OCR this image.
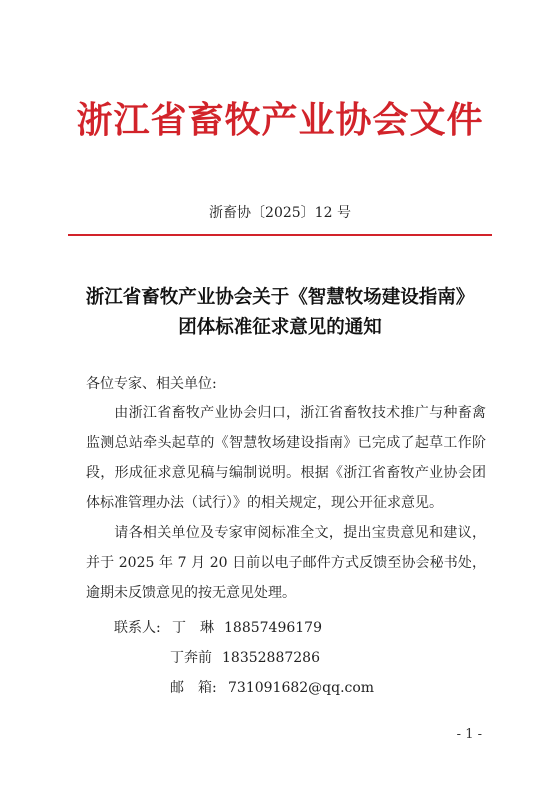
浙江省畜牧产业协会文件
浙畜协〔2025〕12 号
浙江省畜牧产业协会关于《智慧牧场建设指南》
团体标准征求意见的通知
各位专家、相关单位:
由浙江省畜牧产业协会归口，浙江省畜牧技术推广与种畜禽监测总站牵头起草的《智慧牧场建设指南》已完成了起草工作阶段，形成征求意见稿与编制说明。根据《浙江省畜牧产业协会团体标准管理办法（试行）》的相关规定，现公开征求意见。
请各相关单位及专家审阅标准全文，提出宝贵意见和建议，并于 2025 年 7 月 20 日前以电子邮件方式反馈至协会秘书处，逾期未反馈意见的按无意见处理。
联系人: 丁　琳 18857496179
丁奔前 18352887286
邮　箱: 731091682@qq.com
- 1 -
